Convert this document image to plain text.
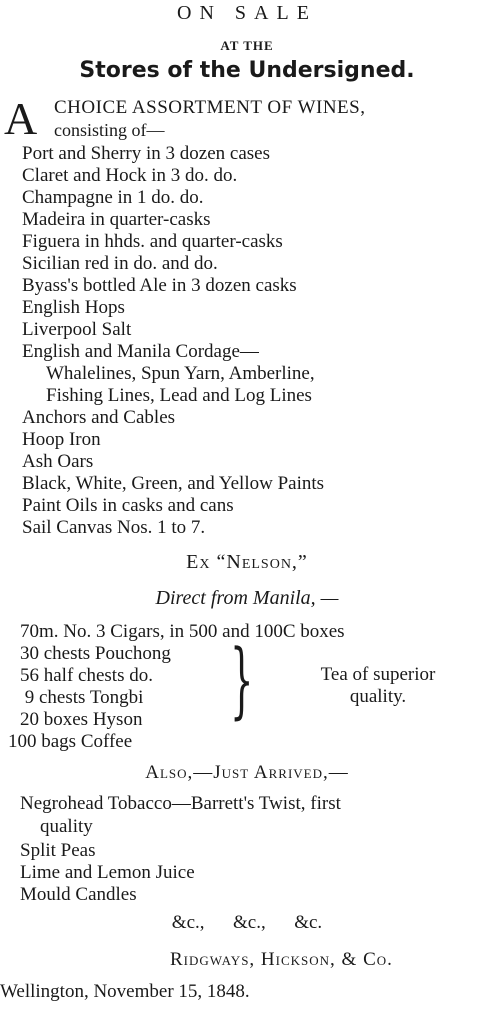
ON SALE
AT THE
Stores of the Undersigned.
A CHOICE ASSORTMENT OF WINES,
consisting of—
Port and Sherry in 3 dozen cases
Claret and Hock in 3 do. do.
Champagne in 1 do. do.
Madeira in quarter-casks
Figuera in hhds. and quarter-casks
Sicilian red in do. and do.
Byass's bottled Ale in 3 dozen casks
English Hops
Liverpool Salt
English and Manila Cordage—
Whalelines, Spun Yarn, Amberline,
Fishing Lines, Lead and Log Lines
Anchors and Cables
Hoop Iron
Ash Oars
Black, White, Green, and Yellow Paints
Paint Oils in casks and cans
Sail Canvas Nos. 1 to 7.
Ex “Nelson,”
Direct from Manila, —
70m. No. 3 Cigars, in 500 and 100C boxes
30 chests Pouchong
56 half chests do.
9 chests Tongbi
20 boxes Hyson
100 bags Coffee
}	Tea of superior
quality.
Also,—Just Arrived,—
Negrohead Tobacco—Barrett's Twist, first
quality
Split Peas
Lime and Lemon Juice
Mould Candles
&c.,      &c.,      &c.
Ridgways, Hickson, & Co.
Wellington, November 15, 1848.
